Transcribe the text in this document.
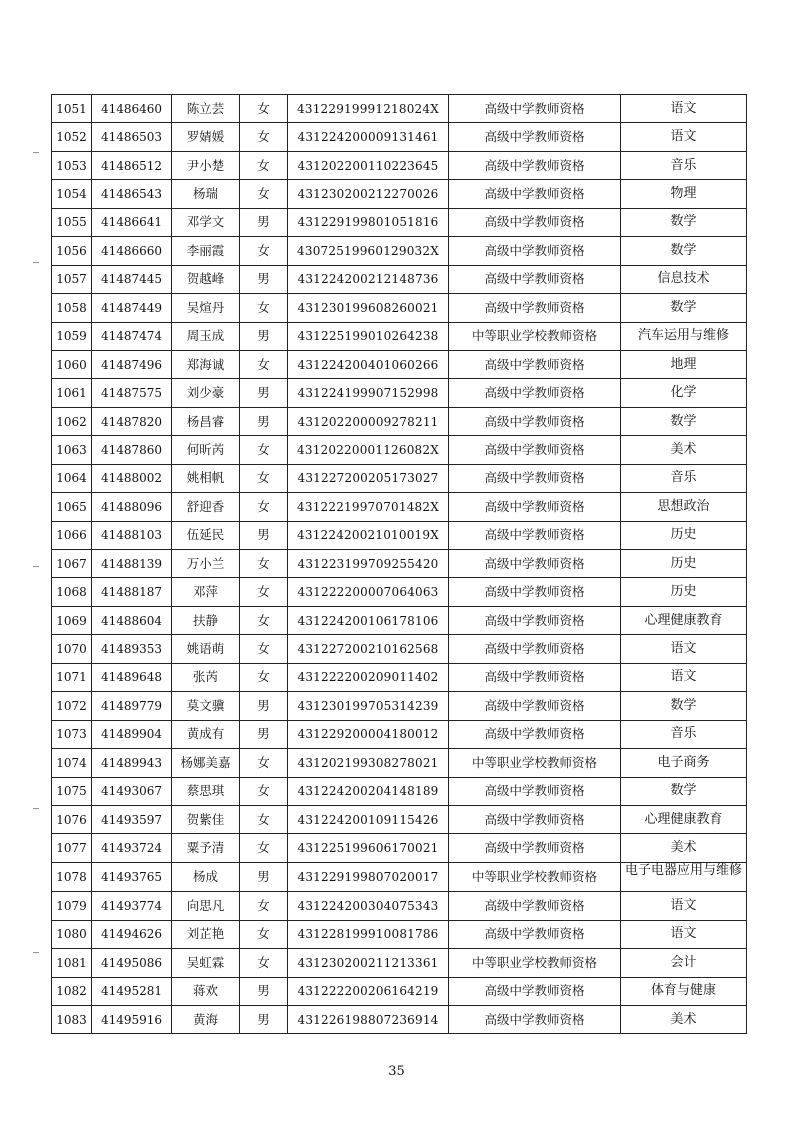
1051	41486460	陈立芸	女	43122919991218024X	高级中学教师资格	语文
1052	41486503	罗婧媛	女	431224200009131461	高级中学教师资格	语文
1053	41486512	尹小楚	女	431202200110223645	高级中学教师资格	音乐
1054	41486543	杨瑞	女	431230200212270026	高级中学教师资格	物理
1055	41486641	邓学文	男	431229199801051816	高级中学教师资格	数学
1056	41486660	李丽霞	女	43072519960129032X	高级中学教师资格	数学
1057	41487445	贺越峰	男	431224200212148736	高级中学教师资格	信息技术
1058	41487449	吴煊丹	女	431230199608260021	高级中学教师资格	数学
1059	41487474	周玉成	男	431225199010264238	中等职业学校教师资格	汽车运用与维修
1060	41487496	郑海诚	女	431224200401060266	高级中学教师资格	地理
1061	41487575	刘少豪	男	431224199907152998	高级中学教师资格	化学
1062	41487820	杨昌睿	男	431202200009278211	高级中学教师资格	数学
1063	41487860	何昕芮	女	43120220001126082X	高级中学教师资格	美术
1064	41488002	姚相帆	女	431227200205173027	高级中学教师资格	音乐
1065	41488096	舒迎香	女	43122219970701482X	高级中学教师资格	思想政治
1066	41488103	伍延民	男	43122420021010019X	高级中学教师资格	历史
1067	41488139	万小兰	女	431223199709255420	高级中学教师资格	历史
1068	41488187	邓萍	女	431222200007064063	高级中学教师资格	历史
1069	41488604	扶静	女	431224200106178106	高级中学教师资格	心理健康教育
1070	41489353	姚语萌	女	431227200210162568	高级中学教师资格	语文
1071	41489648	张芮	女	431222200209011402	高级中学教师资格	语文
1072	41489779	莫文骥	男	431230199705314239	高级中学教师资格	数学
1073	41489904	黄成有	男	431229200004180012	高级中学教师资格	音乐
1074	41489943	杨娜美嘉	女	431202199308278021	中等职业学校教师资格	电子商务
1075	41493067	蔡思琪	女	431224200204148189	高级中学教师资格	数学
1076	41493597	贺紫佳	女	431224200109115426	高级中学教师资格	心理健康教育
1077	41493724	粟予清	女	431225199606170021	高级中学教师资格	美术
1078	41493765	杨成	男	431229199807020017	中等职业学校教师资格	电子电器应用与维修
1079	41493774	向思凡	女	431224200304075343	高级中学教师资格	语文
1080	41494626	刘芷艳	女	431228199910081786	高级中学教师资格	语文
1081	41495086	吴虹霖	女	431230200211213361	中等职业学校教师资格	会计
1082	41495281	蒋欢	男	431222200206164219	高级中学教师资格	体育与健康
1083	41495916	黄海	男	431226198807236914	高级中学教师资格	美术
35
